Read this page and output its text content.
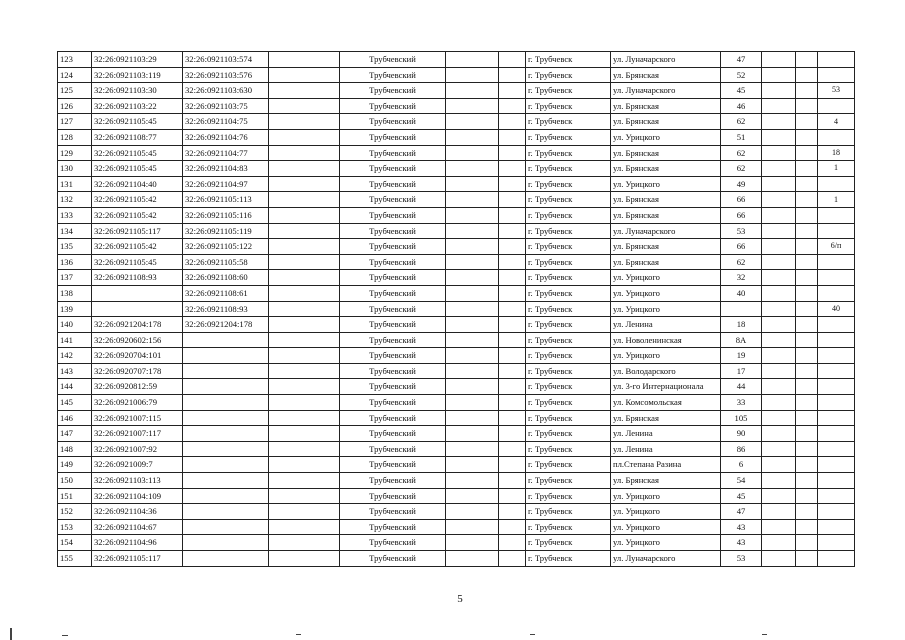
123	32:26:0921103:29	32:26:0921103:574		Трубчевский			г. Трубчевск	ул. Луначарского	47			
124	32:26:0921103:119	32:26:0921103:576		Трубчевский			г. Трубчевск	ул. Брянская	52			
125	32:26:0921103:30	32:26:0921103:630		Трубчевский			г. Трубчевск	ул. Луначарского	45			53
126	32:26:0921103:22	32:26:0921103:75		Трубчевский			г. Трубчевск	ул. Брянская	46			
127	32:26:0921105:45	32:26:0921104:75		Трубчевский			г. Трубчевск	ул. Брянская	62			4
128	32:26:0921108:77	32:26:0921104:76		Трубчевский			г. Трубчевск	ул. Урицкого	51			
129	32:26:0921105:45	32:26:0921104:77		Трубчевский			г. Трубчевск	ул. Брянская	62			18
130	32:26:0921105:45	32:26:0921104:83		Трубчевский			г. Трубчевск	ул. Брянская	62			1
131	32:26:0921104:40	32:26:0921104:97		Трубчевский			г. Трубчевск	ул. Урицкого	49			
132	32:26:0921105:42	32:26:0921105:113		Трубчевский			г. Трубчевск	ул. Брянская	66			1
133	32:26:0921105:42	32:26:0921105:116		Трубчевский			г. Трубчевск	ул. Брянская	66			
134	32:26:0921105:117	32:26:0921105:119		Трубчевский			г. Трубчевск	ул. Луначарского	53			
135	32:26:0921105:42	32:26:0921105:122		Трубчевский			г. Трубчевск	ул. Брянская	66			6/п
136	32:26:0921105:45	32:26:0921105:58		Трубчевский			г. Трубчевск	ул. Брянская	62			
137	32:26:0921108:93	32:26:0921108:60		Трубчевский			г. Трубчевск	ул. Урицкого	32			
138		32:26:0921108:61		Трубчевский			г. Трубчевск	ул. Урицкого	40			
139		32:26:0921108:93		Трубчевский			г. Трубчевск	ул. Урицкого				40
140	32:26:0921204:178	32:26:0921204:178		Трубчевский			г. Трубчевск	ул. Ленина	18			
141	32:26:0920602:156			Трубчевский			г. Трубчевск	ул. Новоленинская	8А			
142	32:26:0920704:101			Трубчевский			г. Трубчевск	ул. Урицкого	19			
143	32:26:0920707:178			Трубчевский			г. Трубчевск	ул. Володарского	17			
144	32:26:0920812:59			Трубчевский			г. Трубчевск	ул. 3-го Интернационала	44			
145	32:26:0921006:79			Трубчевский			г. Трубчевск	ул. Комсомольская	33			
146	32:26:0921007:115			Трубчевский			г. Трубчевск	ул. Брянская	105			
147	32:26:0921007:117			Трубчевский			г. Трубчевск	ул. Ленина	90			
148	32:26:0921007:92			Трубчевский			г. Трубчевск	ул. Ленина	86			
149	32:26:0921009:7			Трубчевский			г. Трубчевск	пл.Степана Разина	6			
150	32:26:0921103:113			Трубчевский			г. Трубчевск	ул. Брянская	54			
151	32:26:0921104:109			Трубчевский			г. Трубчевск	ул. Урицкого	45			
152	32:26:0921104:36			Трубчевский			г. Трубчевск	ул. Урицкого	47			
153	32:26:0921104:67			Трубчевский			г. Трубчевск	ул. Урицкого	43			
154	32:26:0921104:96			Трубчевский			г. Трубчевск	ул. Урицкого	43			
155	32:26:0921105:117			Трубчевский			г. Трубчевск	ул. Луначарского	53			
5
